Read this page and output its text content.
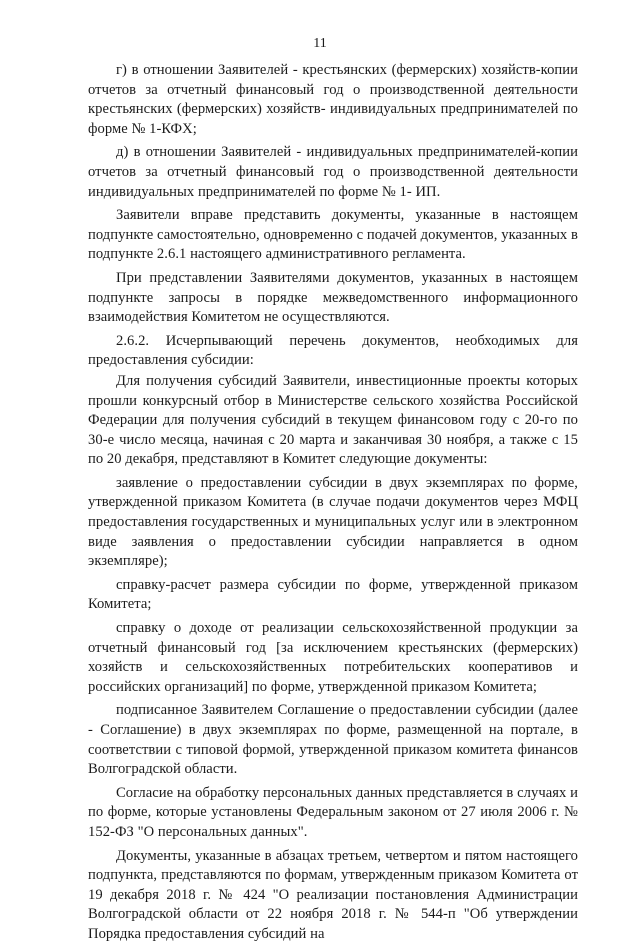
11

г) в отношении Заявителей - крестьянских (фермерских) хозяйств-копии отчетов за отчетный финансовый год о производственной деятельности крестьянских (фермерских) хозяйств- индивидуальных предпринимателей по форме № 1-КФХ;

д) в отношении Заявителей - индивидуальных предпринимателей-копии отчетов за отчетный финансовый год о производственной деятельности индивидуальных предпринимателей по форме № 1- ИП.

Заявители вправе представить документы, указанные в настоящем подпункте самостоятельно, одновременно с подачей документов, указанных в подпункте 2.6.1 настоящего административного регламента.

При представлении Заявителями документов, указанных в настоящем подпункте запросы в порядке межведомственного информационного взаимодействия Комитетом не осуществляются.

2.6.2. Исчерпывающий перечень документов, необходимых для предоставления субсидии:

Для получения субсидий Заявители, инвестиционные проекты которых прошли конкурсный отбор в Министерстве сельского хозяйства Российской Федерации для получения субсидий в текущем финансовом году с 20-го по 30-е число месяца, начиная с 20 марта и заканчивая 30 ноября, а также с 15 по 20 декабря, представляют в Комитет следующие документы:

заявление о предоставлении субсидии в двух экземплярах по форме, утвержденной приказом Комитета (в случае подачи документов через МФЦ предоставления государственных и муниципальных услуг или в электронном виде заявления о предоставлении субсидии направляется в одном экземпляре);

справку-расчет размера субсидии по форме, утвержденной приказом Комитета;

справку о доходе от реализации сельскохозяйственной продукции за отчетный финансовый год [за исключением крестьянских (фермерских) хозяйств и сельскохозяйственных потребительских кооперативов и российских организаций] по форме, утвержденной приказом Комитета;

подписанное Заявителем Соглашение о предоставлении субсидии (далее - Соглашение) в двух экземплярах по форме, размещенной на портале, в соответствии с типовой формой, утвержденной приказом комитета финансов Волгоградской области.

Согласие на обработку персональных данных представляется в случаях и по форме, которые установлены Федеральным законом от 27 июля 2006 г. № 152-ФЗ "О персональных данных".

Документы, указанные в абзацах третьем, четвертом и пятом настоящего подпункта, представляются по формам, утвержденным приказом Комитета от 19 декабря 2018 г. № 424 "О реализации постановления Администрации Волгоградской области от 22 ноября 2018 г. № 544-п "Об утверждении Порядка предоставления субсидий на
